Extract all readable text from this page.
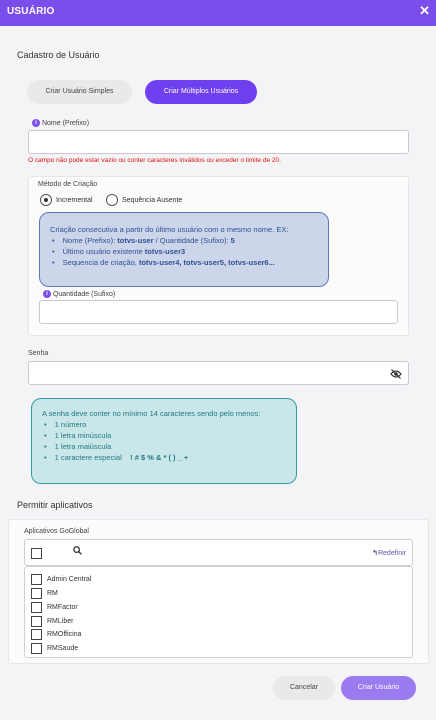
USUÁRIO	✕
Cadastro de Usuário
Criar Usuário Simples	Criar Múltiplos Usuários
i Nome (Prefixo)
O campo não pode estar vazio ou conter caracteres inválidos ou exceder o limite de 20.
Método de Criação
Incremental	Sequência Ausente
Criação consecutiva a partir do último usuário com o mesmo nome. EX:
• Nome (Prefixo): totvs-user / Quantidade (Sufixo): 5
• Último usuário existente totvs-user3
• Sequencia de criação, totvs-user4, totvs-user5, totvs-user6...
i Quantidade (Sufixo)
Senha
A senha deve conter no mínimo 14 caracteres sendo pelo menos:
• 1 número
• 1 letra minúscula
• 1 letra maiúscula
• 1 caractere especial ! # $ % & * ( ) _ +
Permitir aplicativos
Aplicativos GoGlobal
↰Redefinir
Admin Central
RM
RMFactor
RMLiber
RMOfficina
RMSaude
Cancelar	Criar Usuário
